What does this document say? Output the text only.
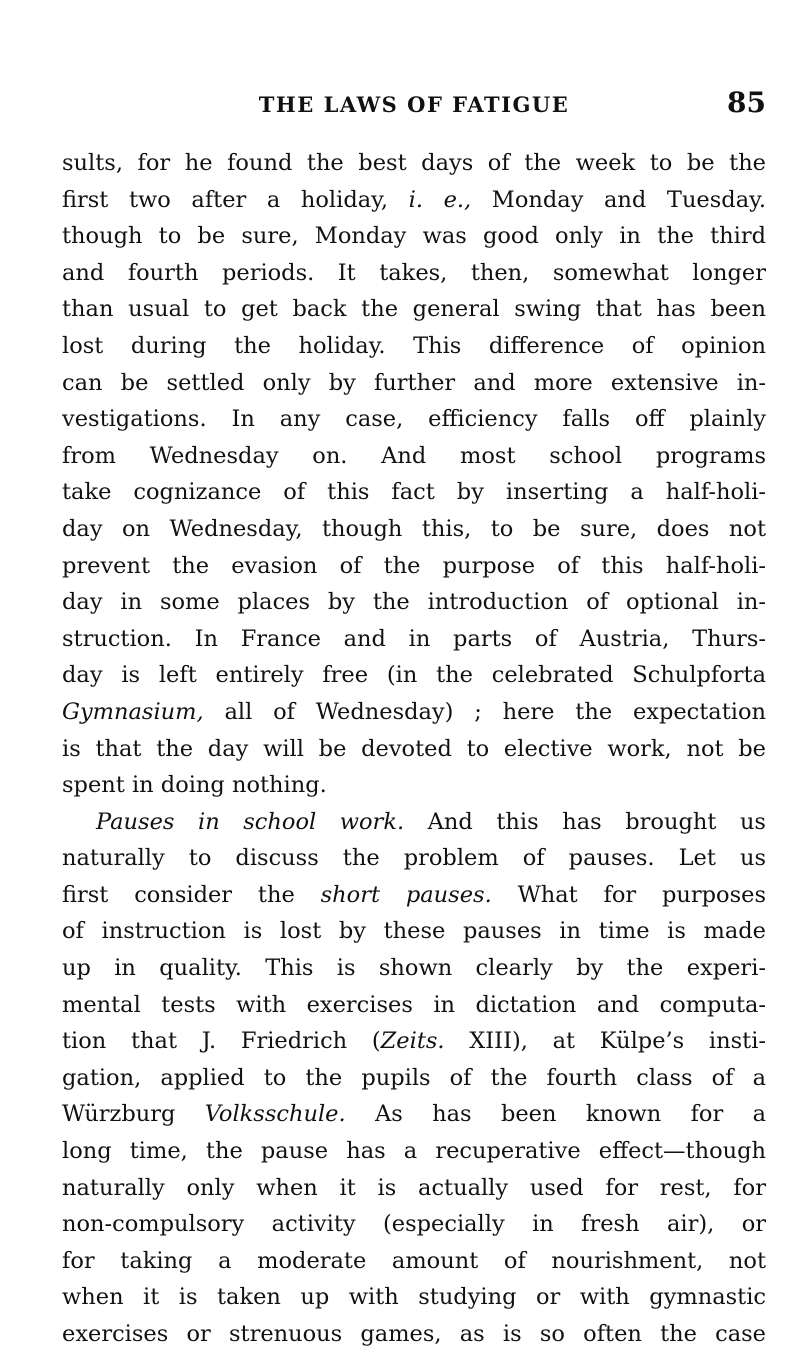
THE LAWS OF FATIGUE	85
sults, for he found the best days of the week to be the
first two after a holiday, i. e., Monday and Tuesday.
though to be sure, Monday was good only in the third
and fourth periods. It takes, then, somewhat longer
than usual to get back the general swing that has been
lost during the holiday. This difference of opinion
can be settled only by further and more extensive in-
vestigations. In any case, efficiency falls off plainly
from Wednesday on. And most school programs
take cognizance of this fact by inserting a half-holi-
day on Wednesday, though this, to be sure, does not
prevent the evasion of the purpose of this half-holi-
day in some places by the introduction of optional in-
struction. In France and in parts of Austria, Thurs-
day is left entirely free (in the celebrated Schulpforta
Gymnasium, all of Wednesday) ; here the expectation
is that the day will be devoted to elective work, not be
spent in doing nothing.
Pauses in school work. And this has brought us
naturally to discuss the problem of pauses. Let us
first consider the short pauses. What for purposes
of instruction is lost by these pauses in time is made
up in quality. This is shown clearly by the experi-
mental tests with exercises in dictation and computa-
tion that J. Friedrich (Zeits. XIII), at Külpe’s insti-
gation, applied to the pupils of the fourth class of a
Würzburg Volksschule. As has been known for a
long time, the pause has a recuperative effect—though
naturally only when it is actually used for rest, for
non-compulsory activity (especially in fresh air), or
for taking a moderate amount of nourishment, not
when it is taken up with studying or with gymnastic
exercises or strenuous games, as is so often the case
